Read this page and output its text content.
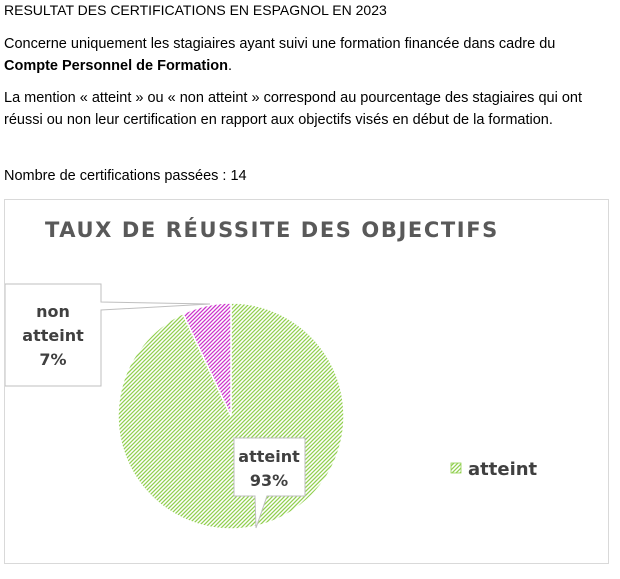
RESULTAT DES CERTIFICATIONS EN ESPAGNOL EN 2023
Concerne uniquement les stagiaires ayant suivi une formation financée dans cadre du Compte Personnel de Formation.
La mention « atteint » ou « non atteint » correspond au pourcentage des stagiaires qui ont réussi ou non leur certification en rapport aux objectifs visés en début de la formation.
Nombre de certifications passées : 14
TAUX DE RÉUSSITE DES OBJECTIFS
non
atteint
7%
atteint
93%
atteint
